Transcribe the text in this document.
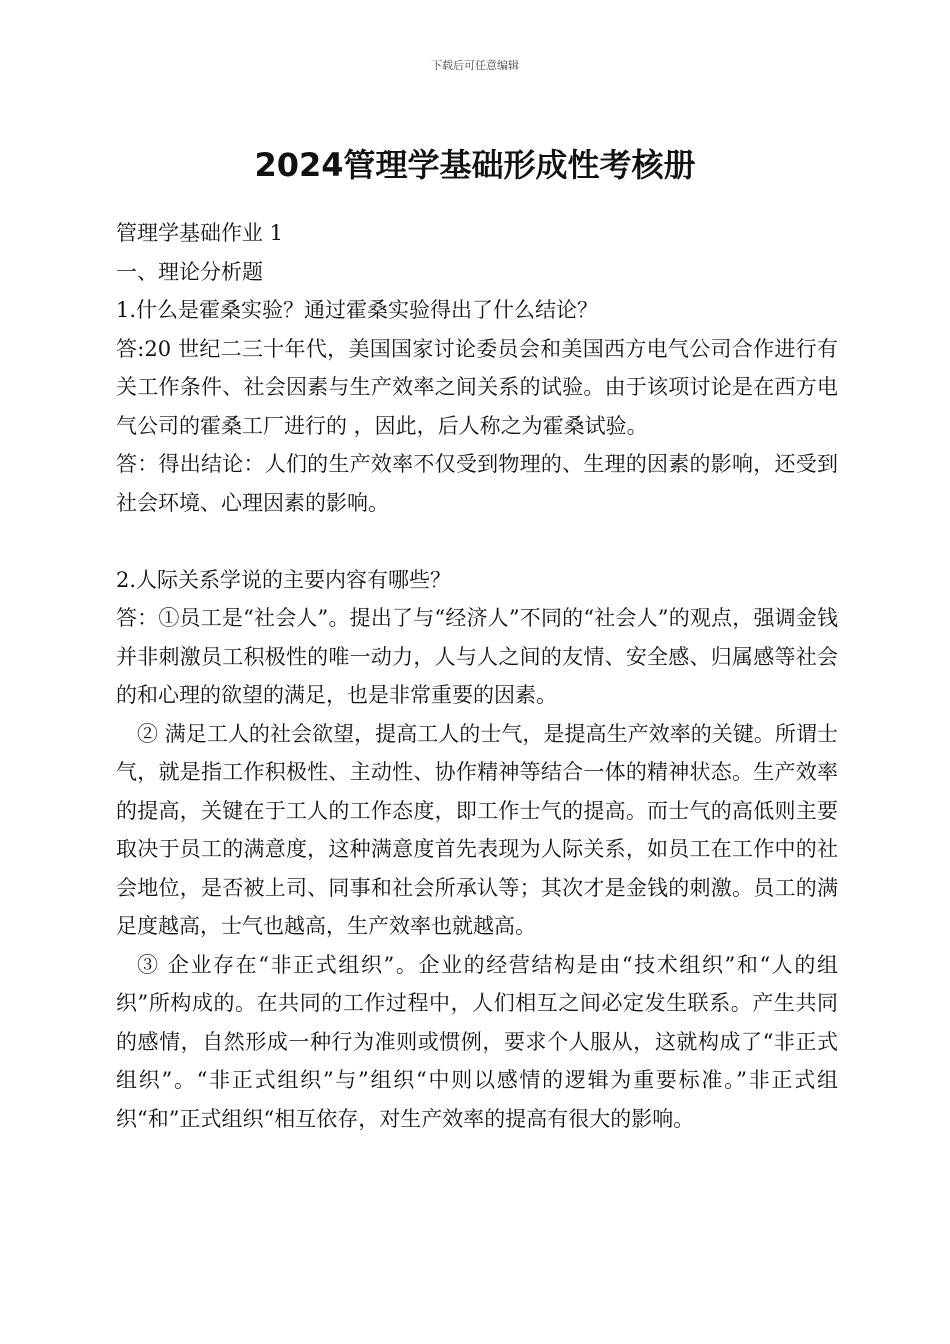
下载后可任意编辑
2024管理学基础形成性考核册

管理学基础作业 1

一、理论分析题

1.什么是霍桑实验？通过霍桑实验得出了什么结论？

答:20 世纪二三十年代，美国国家讨论委员会和美国西方电气公司合作进行有关工作条件、社会因素与生产效率之间关系的试验。由于该项讨论是在西方电气公司的霍桑工厂进行的 ，因此，后人称之为霍桑试验。

答：得出结论：人们的生产效率不仅受到物理的、生理的因素的影响，还受到社会环境、心理因素的影响。

2.人际关系学说的主要内容有哪些？

答：①员工是“社会人”。提出了与“经济人”不同的“社会人”的观点，强调金钱并非刺激员工积极性的唯一动力，人与人之间的友情、安全感、归属感等社会的和心理的欲望的满足，也是非常重要的因素。

② 满足工人的社会欲望，提高工人的士气，是提高生产效率的关键。所谓士气，就是指工作积极性、主动性、协作精神等结合一体的精神状态。生产效率的提高，关键在于工人的工作态度，即工作士气的提高。而士气的高低则主要取决于员工的满意度，这种满意度首先表现为人际关系，如员工在工作中的社会地位，是否被上司、同事和社会所承认等；其次才是金钱的刺激。员工的满足度越高，士气也越高，生产效率也就越高。

③ 企业存在“非正式组织”。企业的经营结构是由“技术组织”和“人的组织”所构成的。在共同的工作过程中，人们相互之间必定发生联系。产生共同的感情，自然形成一种行为准则或惯例，要求个人服从，这就构成了“非正式组织”。“非正式组织”与”组织“中则以感情的逻辑为重要标准。”非正式组织“和”正式组织“相互依存，对生产效率的提高有很大的影响。
